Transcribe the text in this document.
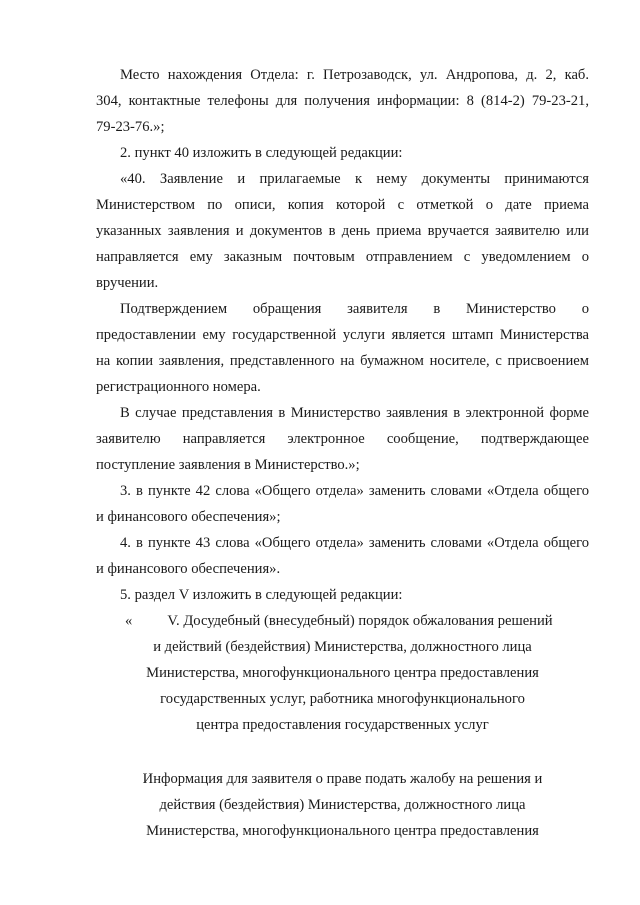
Место нахождения Отдела: г. Петрозаводск, ул. Андропова, д. 2, каб.
304, контактные телефоны для получения информации: 8 (814-2) 79-23-21,
79-23-76.»;
2. пункт 40 изложить в следующей редакции:
«40. Заявление и прилагаемые к нему документы принимаются
Министерством по описи, копия которой с отметкой о дате приема
указанных заявления и документов в день приема вручается заявителю или
направляется ему заказным почтовым отправлением с уведомлением о
вручении.
Подтверждением обращения заявителя в Министерство о
предоставлении ему государственной услуги является штамп Министерства
на копии заявления, представленного на бумажном носителе, с присвоением
регистрационного номера.
В случае представления в Министерство заявления в электронной форме
заявителю направляется электронное сообщение, подтверждающее
поступление заявления в Министерство.»;
3. в пункте 42 слова «Общего отдела» заменить словами «Отдела общего
и финансового обеспечения»;
4. в пункте 43 слова «Общего отдела» заменить словами «Отдела общего
и финансового обеспечения».
5. раздел V изложить в следующей редакции:
«	V. Досудебный (внесудебный) порядок обжалования решений
и действий (бездействия) Министерства, должностного лица
Министерства, многофункционального центра предоставления
государственных услуг, работника многофункционального
центра предоставления государственных услуг
Информация для заявителя о праве подать жалобу на решения и
действия (бездействия) Министерства, должностного лица
Министерства, многофункционального центра предоставления
